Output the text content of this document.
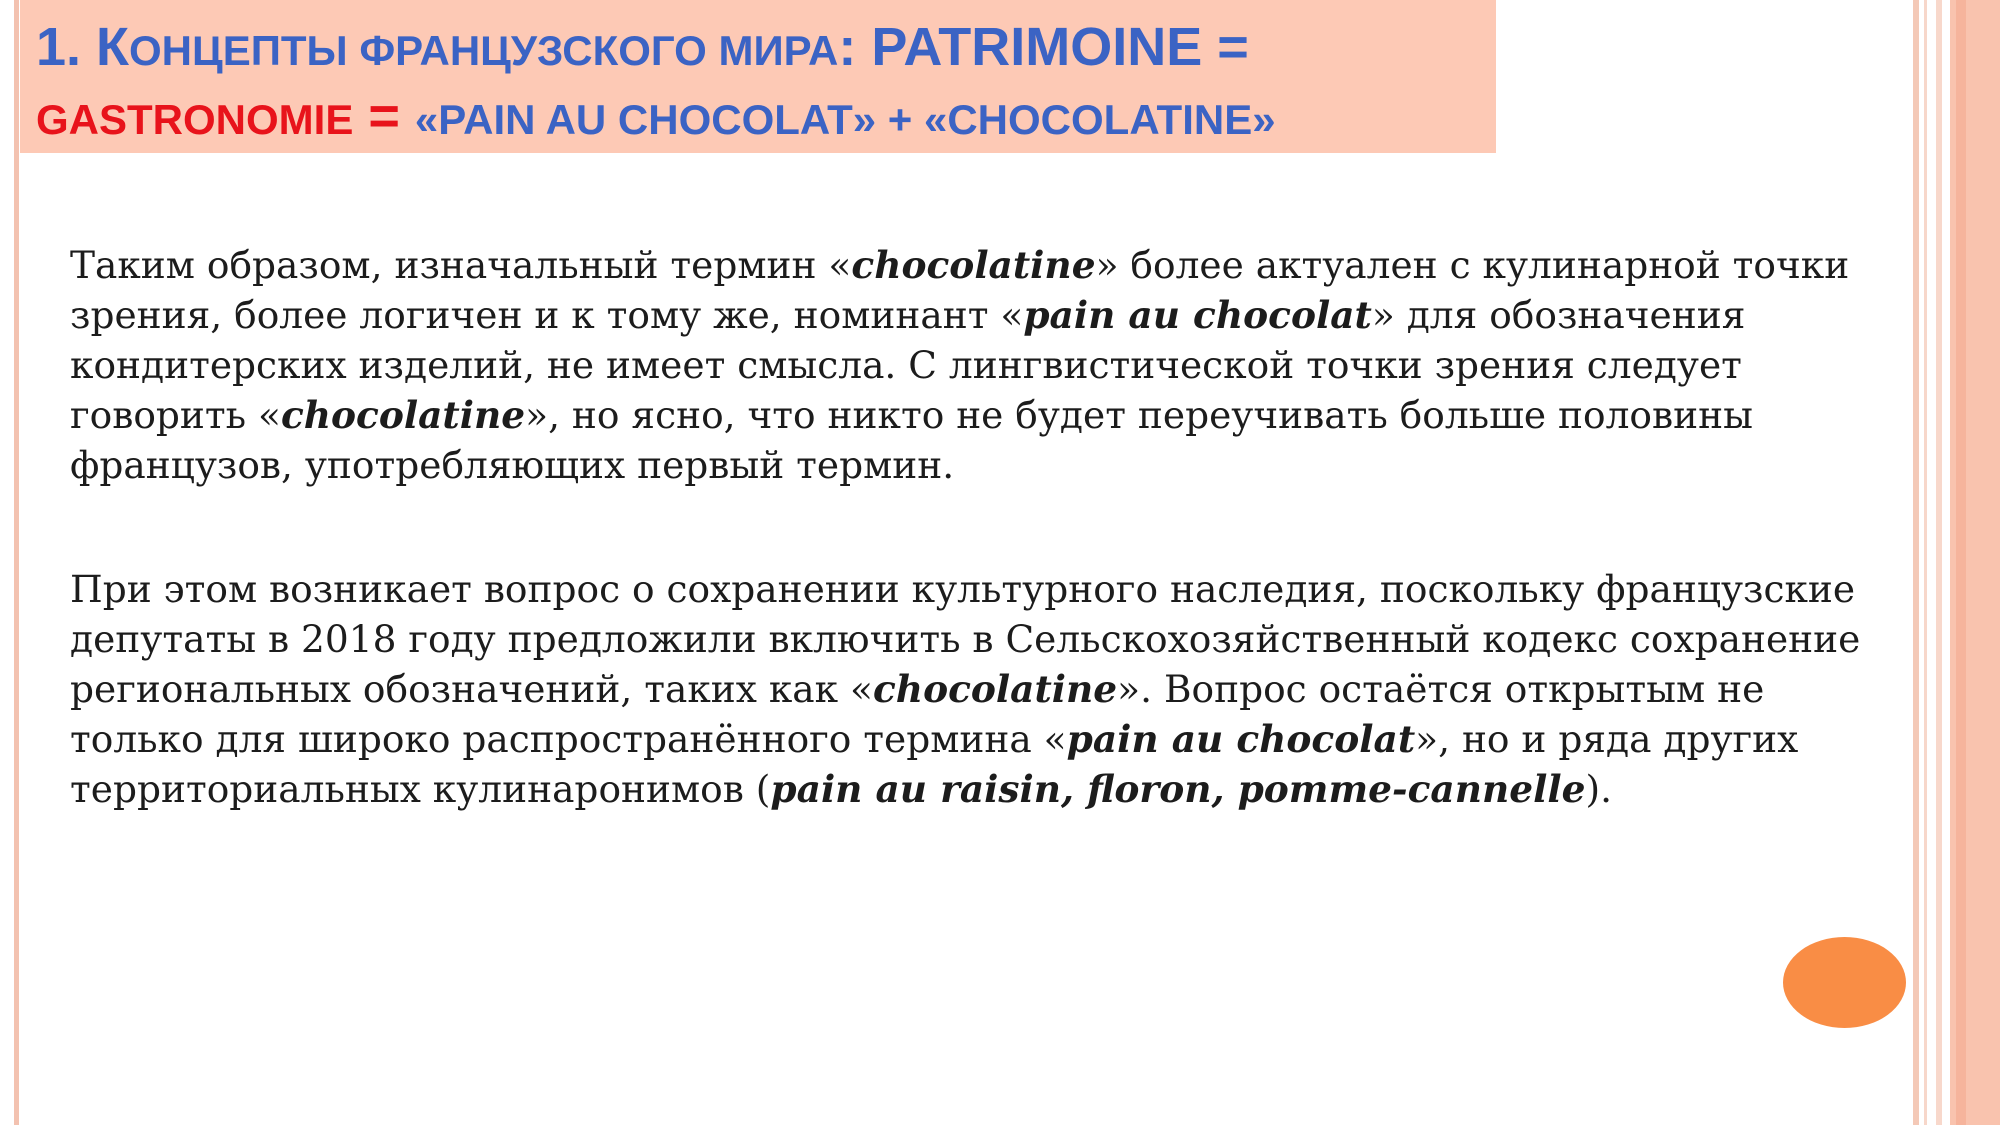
1. КОНЦЕПТЫ ФРАНЦУЗСКОГО МИРА: PATRIMOINE =
GASTRONOMIE = «PAIN AU CHOCOLAT» + «CHOCOLATINE»
Таким образом, изначальный термин «chocolatine» более актуален с кулинарной точки
зрения, более логичен и к тому же, номинант «pain au chocolat» для обозначения
кондитерских изделий, не имеет смысла. С лингвистической точки зрения следует
говорить «chocolatine», но ясно, что никто не будет переучивать больше половины
французов, употребляющих первый термин.
При этом возникает вопрос о сохранении культурного наследия, поскольку французские
депутаты в 2018 году предложили включить в Сельскохозяйственный кодекс сохранение
региональных обозначений, таких как «chocolatine». Вопрос остаётся открытым не
только для широко распространённого термина «pain au chocolat», но и ряда других
территориальных кулинаронимов (pain au raisin, floron, pomme-cannelle).
